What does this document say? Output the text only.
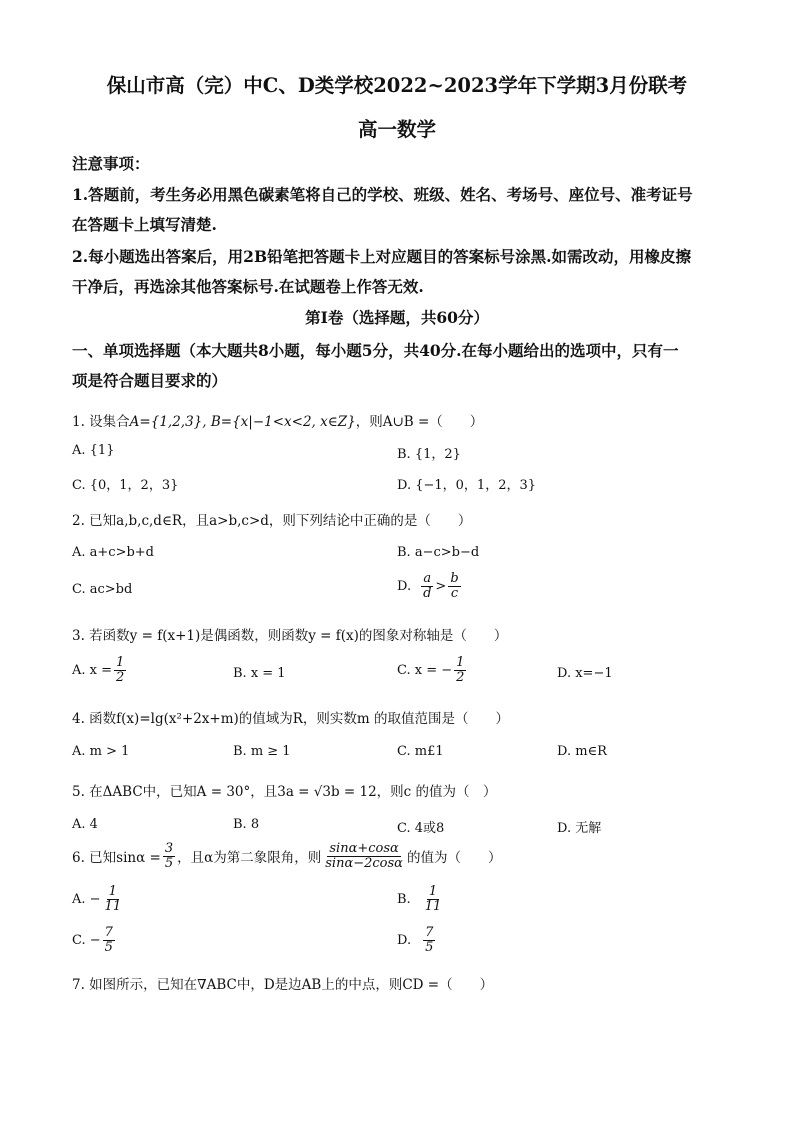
保山市高（完）中C、D类学校2022~2023学年下学期3月份联考
高一数学
注意事项：
1.答题前，考生务必用黑色碳素笔将自己的学校、班级、姓名、考场号、座位号、准考证号
在答题卡上填写清楚.
2.每小题选出答案后，用2B铅笔把答题卡上对应题目的答案标号涂黑.如需改动，用橡皮擦
干净后，再选涂其他答案标号.在试题卷上作答无效.
第I卷（选择题，共60分）
一、单项选择题（本大题共8小题，每小题5分，共40分.在每小题给出的选项中，只有一
项是符合题目要求的）
1. 设集合A={1,2,3}, B={x|−1<x<2, x∈Z}，则A∪B =（　　）
A. {1}	B. {1，2}
C. {0，1，2，3}	D. {−1，0，1，2，3}
2. 已知a,b,c,d∈R，且a>b,c>d，则下列结论中正确的是（　　）
A. a+c>b+d	B. a−c>b−d
C. ac>bd	D. $\frac{a}{d} > \frac{b}{c}$
3. 若函数y = f(x+1)是偶函数，则函数y = f(x)的图象对称轴是（　　）
A. $x = \frac{1}{2}$	B. x = 1	C. x = − $\frac{1}{2}$	D. x=−1
4. 函数f(x)=lg(x²+2x+m)的值域为R，则实数m 的取值范围是（　　）
A. m > 1	B. m ≥ 1	C. m£1	D. m∈R
5. 在ΔABC中，已知A = 30°，且3a = √3b = 12，则c 的值为（　）
A. 4	B. 8	C. 4或8	D. 无解
6. 已知$\sin\alpha = \frac{3}{5}$ ，且α为第二象限角，则 $\frac{\sin\alpha+\cos\alpha}{\sin\alpha-2\cos\alpha}$ 的值为（　　）
A. − $\frac{1}{11}$	B. $\frac{1}{11}$
C. − $\frac{7}{5}$	D. $\frac{7}{5}$
7. 如图所示，已知在∇ABC中，D是边AB上的中点，则CD =（　　）
